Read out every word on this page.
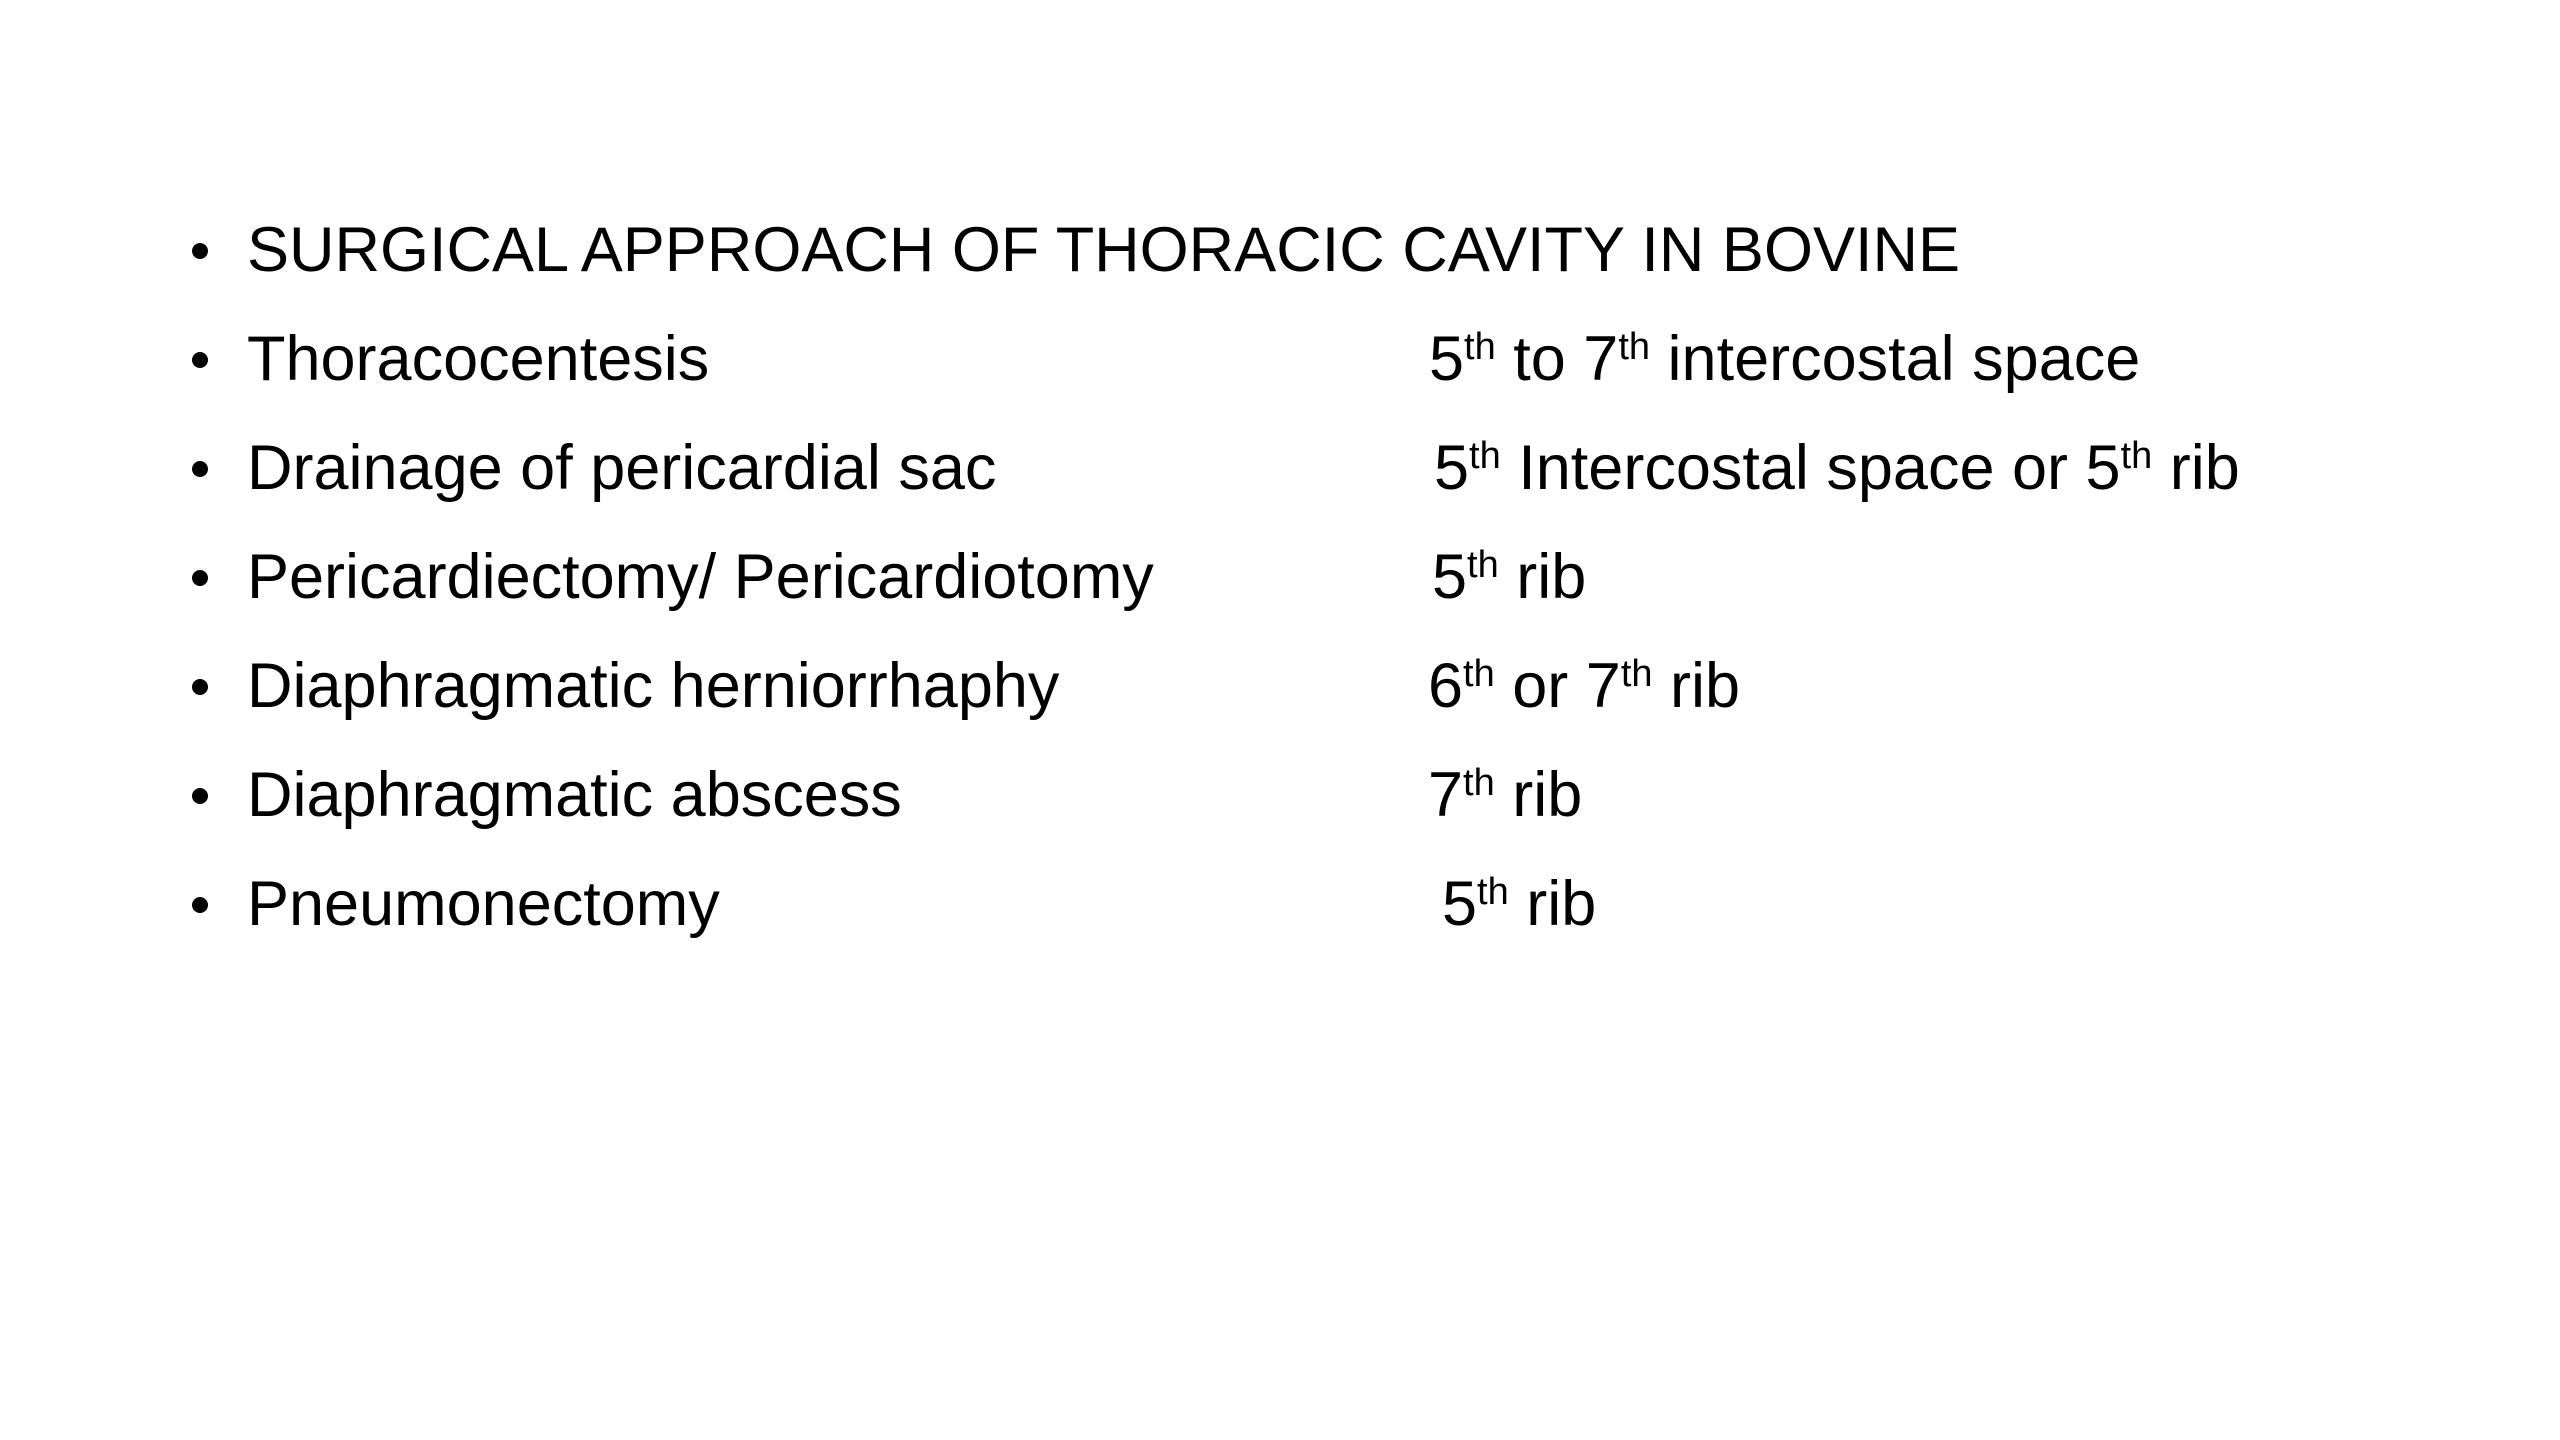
SURGICAL APPROACH OF THORACIC CAVITY IN BOVINE
Thoracocentesis	5th to 7th intercostal space
Drainage of pericardial sac	5th Intercostal space or 5th rib
Pericardiectomy/ Pericardiotomy	5th rib
Diaphragmatic herniorrhaphy	6th or 7th rib
Diaphragmatic abscess	7th rib
Pneumonectomy	5th rib
